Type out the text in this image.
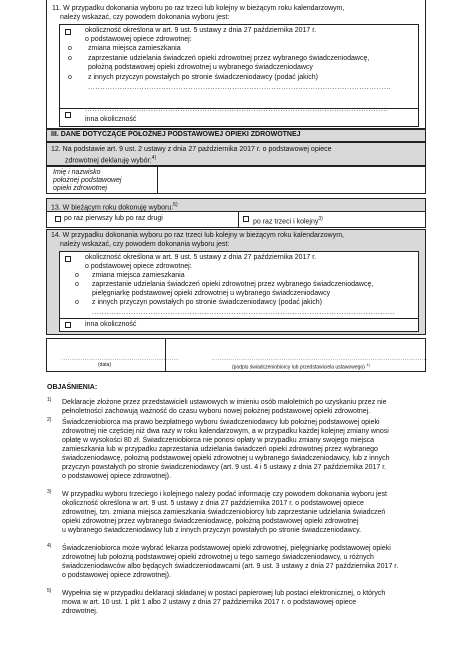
11. W przypadku dokonania wyboru po raz trzeci lub kolejny w bieżącym roku kalendarzowym,
należy wskazać, czy powodem dokonania wyboru jest:
okoliczność określona w art. 9 ust. 5 ustawy z dnia 27 października 2017 r.
o podstawowej opiece zdrowotnej:
o zmiana miejsca zamieszkania
o zaprzestanie udzielania świadczeń opieki zdrowotnej przez wybranego świadczeniodawcę,
położną podstawowej opieki zdrowotnej u wybranego świadczeniodawcy
o z innych przyczyn powstałych po stronie świadczeniodawcy (podać jakich)
............................................................................................................................
............................................................................................................................
inna okoliczność
III. DANE DOTYCZĄCE POŁOŻNEJ PODSTAWOWEJ OPIEKI ZDROWOTNEJ
12. Na podstawie art. 9 ust. 2 ustawy z dnia 27 października 2017 r. o podstawowej opiece
zdrowotnej deklaruję wybór:$^{4)}$
Imię i nazwisko
położnej podstawowej
opieki zdrowotnej
13. W bieżącym roku dokonuję wyboru:$^{5)}$
po raz pierwszy lub po raz drugi	po raz trzeci i kolejny$^{3)}$
14. W przypadku dokonania wyboru po raz trzeci lub kolejny w bieżącym roku kalendarzowym,
należy wskazać, czy powodem dokonania wyboru jest:
okoliczność określona w art. 9 ust. 5 ustawy z dnia 27 października 2017 r.
o podstawowej opiece zdrowotnej:
o zmiana miejsca zamieszkania
o zaprzestanie udzielania świadczeń opieki zdrowotnej przez wybranego świadczeniodawcę,
pielęgniarkę podstawowej opieki zdrowotnej u wybranego świadczeniodawcy
o z innych przyczyn powstałych po stronie świadczeniodawcy (podać jakich)
............................................................................................................................
inna okoliczność
..............................................................
(data)
..................................................................................................................
(podpis świadczeniobiorcy lub przedstawiciela ustawowego) $^{1)}$
OBJAŚNIENIA:
1) Deklaracje złożone przez przedstawicieli ustawowych w imieniu osób małoletnich po uzyskaniu przez nie
pełnoletności zachowują ważność do czasu wyboru nowej położnej podstawowej opieki zdrowotnej.
2) Świadczeniobiorca ma prawo bezpłatnego wyboru świadczeniodawcy lub położnej podstawowej opieki
zdrowotnej nie częściej niż dwa razy w roku kalendarzowym, a w przypadku każdej kolejnej zmiany wnosi
opłatę w wysokości 80 zł. Świadczeniobiorca nie ponosi opłaty w przypadku zmiany swojego miejsca
zamieszkania lub w przypadku zaprzestania udzielania świadczeń opieki zdrowotnej przez wybranego
świadczeniodawcę, położną podstawowej opieki zdrowotnej u wybranego świadczeniodawcy, lub z innych
przyczyn powstałych po stronie świadczeniodawcy (art. 9 ust. 4 i 5 ustawy z dnia 27 października 2017 r.
o podstawowej opiece zdrowotnej).
3) W przypadku wyboru trzeciego i kolejnego należy podać informację czy powodem dokonania wyboru jest
okoliczność określona w art. 9 ust. 5 ustawy z dnia 27 października 2017 r. o podstawowej opiece
zdrowotnej, tzn. zmiana miejsca zamieszkania świadczeniobiorcy lub zaprzestanie udzielania świadczeń
opieki zdrowotnej przez wybranego świadczeniodawcę, położną podstawowej opieki zdrowotnej
u wybranego świadczeniodawcy lub z innych przyczyn powstałych po stronie świadczeniodawcy.
4) Świadczeniobiorca może wybrać lekarza podstawowej opieki zdrowotnej, pielęgniarkę podstawowej opieki
zdrowotnej lub położną podstawowej opieki zdrowotnej u tego samego świadczeniodawcy, u różnych
świadczeniodawców albo będących świadczeniodawcami (art. 9 ust. 3 ustawy z dnia 27 października 2017 r.
o podstawowej opiece zdrowotnej).
5) Wypełnia się w przypadku deklaracji składanej w postaci papierowej lub postaci elektronicznej, o których
mowa w art. 10 ust. 1 pkt 1 albo 2 ustawy z dnia 27 października 2017 r. o podstawowej opiece
zdrowotnej.
